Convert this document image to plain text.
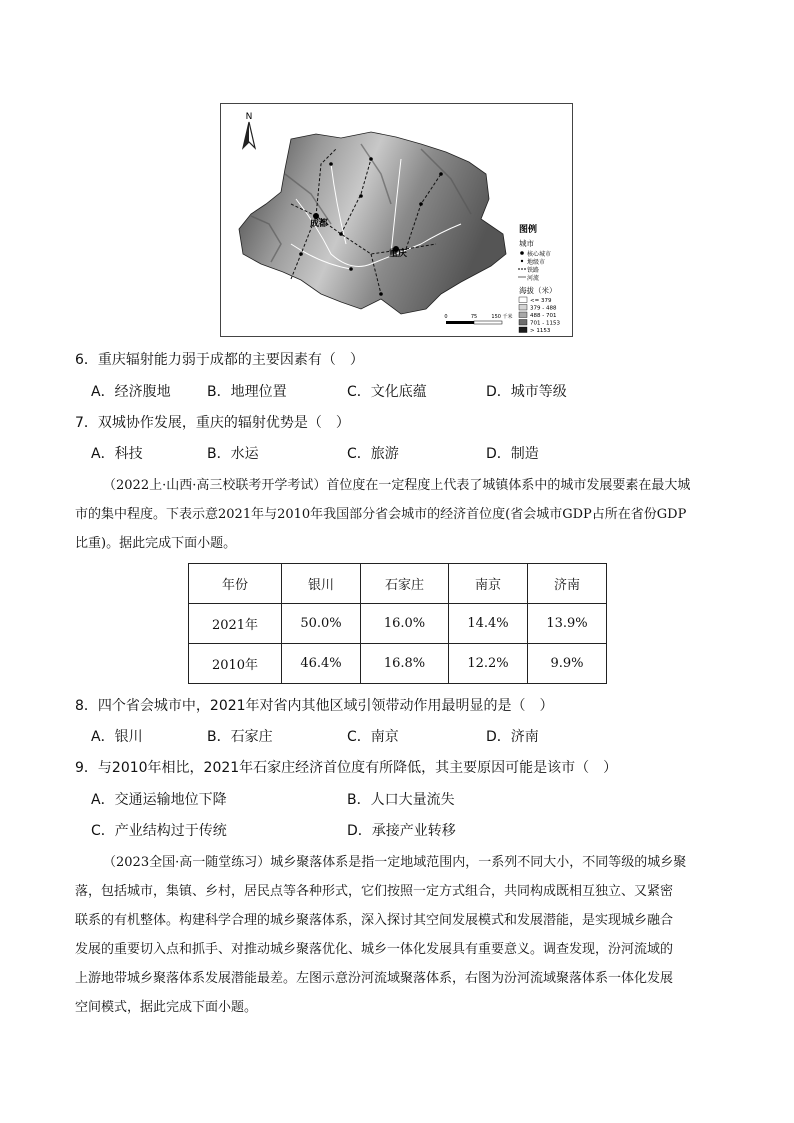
N
成都
重庆
图例
城市
核心城市
地级市
铁路
河流
海拔（米）
<= 379
379 - 488
488 - 701
701 - 1153
> 1153
0	75	150 千米
6．重庆辐射能力弱于成都的主要因素有（　）
A．经济腹地	B．地理位置	C．文化底蕴	D．城市等级
7．双城协作发展，重庆的辐射优势是（　）
A．科技	B．水运	C．旅游	D．制造

（2022上·山西·高三校联考开学考试）首位度在一定程度上代表了城镇体系中的城市发展要素在最大城

市的集中程度。下表示意2021年与2010年我国部分省会城市的经济首位度(省会城市GDP占所在省份GDP

比重)。据此完成下面小题。

年份	银川	石家庄	南京	济南
2021年	50.0%	16.0%	14.4%	13.9%
2010年	46.4%	16.8%	12.2%	9.9%
8．四个省会城市中，2021年对省内其他区域引领带动作用最明显的是（　）
A．银川	B．石家庄	C．南京	D．济南
9．与2010年相比，2021年石家庄经济首位度有所降低，其主要原因可能是该市（　）
A．交通运输地位下降	B．人口大量流失
C．产业结构过于传统	D．承接产业转移

（2023全国·高一随堂练习）城乡聚落体系是指一定地域范围内，一系列不同大小，不同等级的城乡聚

落，包括城市，集镇、乡村，居民点等各种形式，它们按照一定方式组合，共同构成既相互独立、又紧密

联系的有机整体。构建科学合理的城乡聚落体系，深入探讨其空间发展模式和发展潜能，是实现城乡融合

发展的重要切入点和抓手、对推动城乡聚落优化、城乡一体化发展具有重要意义。调查发现，汾河流域的

上游地带城乡聚落体系发展潜能最差。左图示意汾河流域聚落体系，右图为汾河流域聚落体系一体化发展

空间模式，据此完成下面小题。
